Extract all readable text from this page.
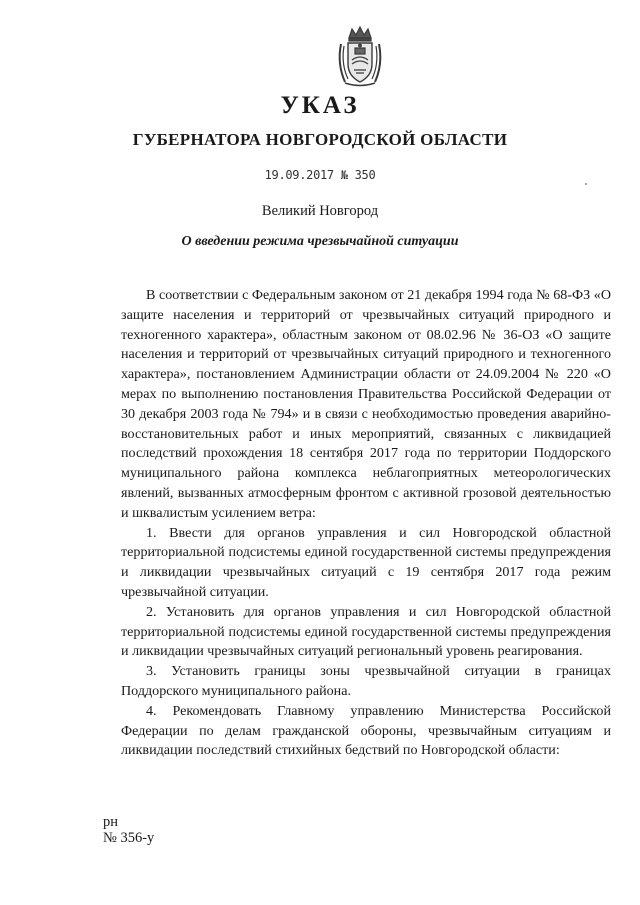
УКАЗ
ГУБЕРНАТОРА НОВГОРОДСКОЙ ОБЛАСТИ
19.09.2017 № 350
Великий Новгород
О введении режима чрезвычайной ситуации

В соответствии с Федеральным законом от 21 декабря 1994 года № 68-ФЗ «О защите населения и территорий от чрезвычайных ситуаций природного и техногенного характера», областным законом от 08.02.96 № 36-ОЗ «О защите населения и территорий от чрезвычайных ситуаций природного и техногенного характера», постановлением Администрации области от 24.09.2004 № 220 «О мерах по выполнению постановления Правительства Российской Федерации от 30 декабря 2003 года № 794» и в связи с необходимостью проведения аварийно-восстановительных работ и иных мероприятий, связанных с ликвидацией последствий прохождения 18 сентября 2017 года по территории Поддорского муниципального района комплекса неблагоприятных метеорологических явлений, вызванных атмосферным фронтом с активной грозовой деятельностью и шквалистым усилением ветра:

1. Ввести для органов управления и сил Новгородской областной территориальной подсистемы единой государственной системы предупреждения и ликвидации чрезвычайных ситуаций с 19 сентября 2017 года режим чрезвычайной ситуации.

2. Установить для органов управления и сил Новгородской областной территориальной подсистемы единой государственной системы предупреждения и ликвидации чрезвычайных ситуаций региональный уровень реагирования.

3. Установить границы зоны чрезвычайной ситуации в границах Поддорского муниципального района.

4. Рекомендовать Главному управлению Министерства Российской Федерации по делам гражданской обороны, чрезвычайным ситуациям и ликвидации последствий стихийных бедствий по Новгородской области:

рн
№ 356-у
